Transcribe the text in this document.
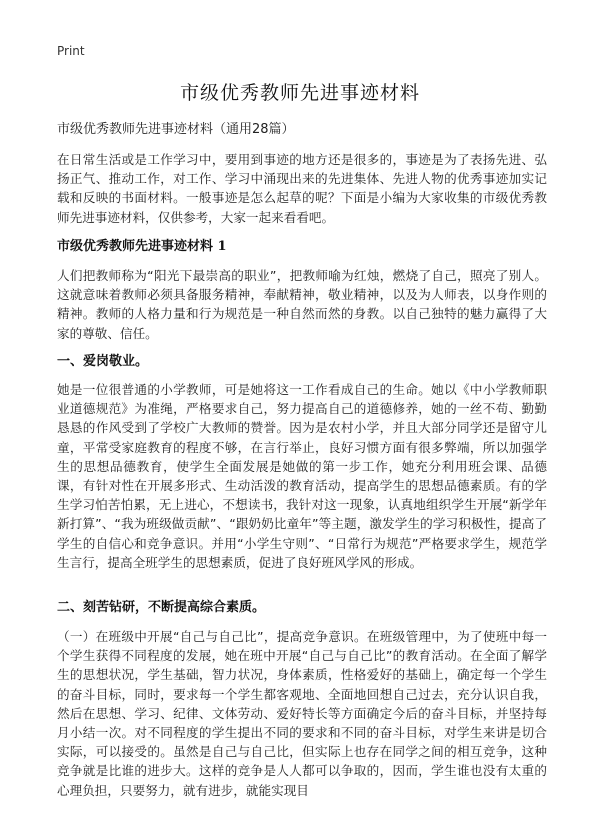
Print
市级优秀教师先进事迹材料
市级优秀教师先进事迹材料（通用28篇）

在日常生活或是工作学习中，要用到事迹的地方还是很多的，事迹是为了表扬先进、弘扬正气、推动工作，对工作、学习中涌现出来的先进集体、先进人物的优秀事迹加实记载和反映的书面材料。一般事迹是怎么起草的呢？下面是小编为大家收集的市级优秀教师先进事迹材料，仅供参考，大家一起来看看吧。

市级优秀教师先进事迹材料 1

人们把教师称为“阳光下最崇高的职业”，把教师喻为红烛，燃烧了自己，照亮了别人。这就意味着教师必须具备服务精神，奉献精神，敬业精神，以及为人师表，以身作则的精神。教师的人格力量和行为规范是一种自然而然的身教。以自己独特的魅力赢得了大家的尊敬、信任。

一、爱岗敬业。

她是一位很普通的小学教师，可是她将这一工作看成自己的生命。她以《中小学教师职业道德规范》为准绳，严格要求自己，努力提高自己的道德修养，她的一丝不苟、勤勤恳恳的作风受到了学校广大教师的赞誉。因为是农村小学，并且大部分同学还是留守儿童，平常受家庭教育的程度不够，在言行举止，良好习惯方面有很多弊端，所以加强学生的思想品德教育，使学生全面发展是她做的第一步工作，她充分利用班会课、品德课，有针对性在开展多形式、生动活泼的教育活动，提高学生的思想品德素质。有的学生学习怕苦怕累，无上进心，不想读书，我针对这一现象，认真地组织学生开展“新学年新打算”、“我为班级做贡献”、“跟奶奶比童年”等主题，激发学生的学习积极性，提高了学生的自信心和竞争意识。并用“小学生守则”、“日常行为规范”严格要求学生，规范学生言行，提高全班学生的思想素质，促进了良好班风学风的形成。

二、刻苦钻研，不断提高综合素质。

（一）在班级中开展“自己与自己比”，提高竞争意识。在班级管理中，为了使班中每一个学生获得不同程度的发展，她在班中开展“自己与自己比”的教育活动。在全面了解学生的思想状况，学生基础，智力状况，身体素质，性格爱好的基础上，确定每一个学生的奋斗目标，同时，要求每一个学生都客观地、全面地回想自己过去，充分认识自我，然后在思想、学习、纪律、文体劳动、爱好特长等方面确定今后的奋斗目标，并坚持每月小结一次。对不同程度的学生提出不同的要求和不同的奋斗目标，对学生来讲是切合实际，可以接受的。虽然是自己与自己比，但实际上也存在同学之间的相互竞争，这种竞争就是比谁的进步大。这样的竞争是人人都可以争取的，因而，学生谁也没有太重的心理负担，只要努力，就有进步，就能实现目
